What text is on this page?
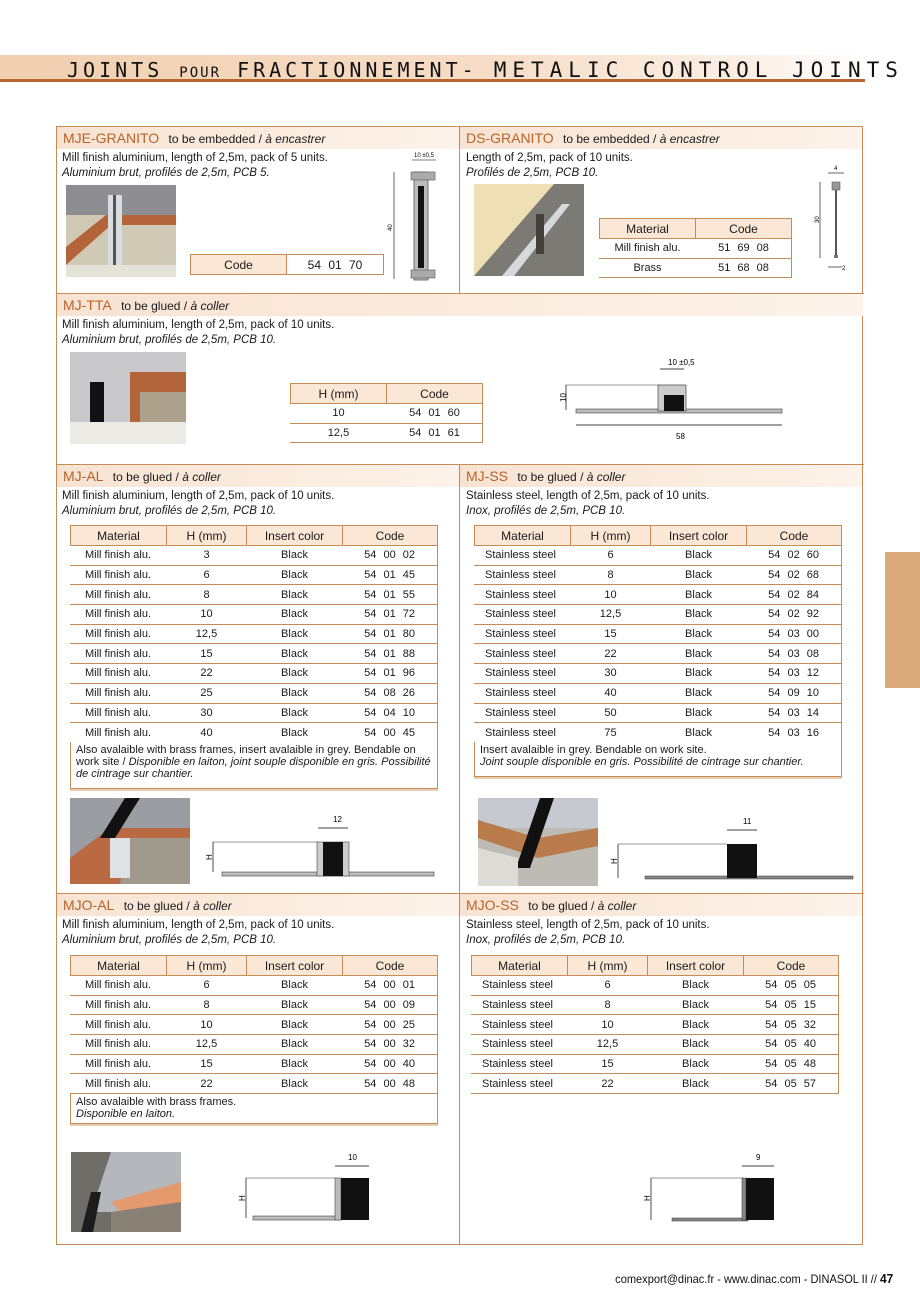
JOINTS POUR FRACTIONNEMENT- METALIC CONTROL JOINTS
MJE-GRANITO to be embedded / à encastrer
Mill finish aluminium, length of 2,5m, pack of 5 units.
Aluminium brut, profilés de 2,5m, PCB 5.
Code	54 01 70
10 ±0,5
40
DS-GRANITO to be embedded / à encastrer
Length of 2,5m, pack of 10 units.
Profilés de 2,5m, PCB 10.
Material	Code
Mill finish alu.	51 69 08
Brass	51 68 08
4
30
2
MJ-TTA to be glued / à coller
Mill finish aluminium, length of 2,5m, pack of 10 units.
Aluminium brut, profilés de 2,5m, PCB 10.
H (mm)	Code
10	54 01 60
12,5	54 01 61
10 ±0,5
10
58
MJ-AL to be glued / à coller
Mill finish aluminium, length of 2,5m, pack of 10 units.
Aluminium brut, profilés de 2,5m, PCB 10.
Material	H (mm)	Insert color	Code
Mill finish alu.	3	Black	54 00 02
Mill finish alu.	6	Black	54 01 45
Mill finish alu.	8	Black	54 01 55
Mill finish alu.	10	Black	54 01 72
Mill finish alu.	12,5	Black	54 01 80
Mill finish alu.	15	Black	54 01 88
Mill finish alu.	22	Black	54 01 96
Mill finish alu.	25	Black	54 08 26
Mill finish alu.	30	Black	54 04 10
Mill finish alu.	40	Black	54 00 45
Also avalaible with brass frames, insert avalaible in grey. Bendable on work site / Disponible en laiton, joint souple disponible en gris. Possibilité de cintrage sur chantier.
12
H
MJ-SS to be glued / à coller
Stainless steel, length of 2,5m, pack of 10 units.
Inox, profilés de 2,5m, PCB 10.
Material	H (mm)	Insert color	Code
Stainless steel	6	Black	54 02 60
Stainless steel	8	Black	54 02 68
Stainless steel	10	Black	54 02 84
Stainless steel	12,5	Black	54 02 92
Stainless steel	15	Black	54 03 00
Stainless steel	22	Black	54 03 08
Stainless steel	30	Black	54 03 12
Stainless steel	40	Black	54 09 10
Stainless steel	50	Black	54 03 14
Stainless steel	75	Black	54 03 16
Insert avalaible in grey. Bendable on work site.
Joint souple disponible en gris. Possibilité de cintrage sur chantier.
11
H
MJO-AL to be glued / à coller
Mill finish aluminium, length of 2,5m, pack of 10 units.
Aluminium brut, profilés de 2,5m, PCB 10.
Material	H (mm)	Insert color	Code
Mill finish alu.	6	Black	54 00 01
Mill finish alu.	8	Black	54 00 09
Mill finish alu.	10	Black	54 00 25
Mill finish alu.	12,5	Black	54 00 32
Mill finish alu.	15	Black	54 00 40
Mill finish alu.	22	Black	54 00 48
Also avalaible with brass frames.
Disponible en laiton.
10
H
MJO-SS to be glued / à coller
Stainless steel, length of 2,5m, pack of 10 units.
Inox, profilés de 2,5m, PCB 10.
Material	H (mm)	Insert color	Code
Stainless steel	6	Black	54 05 05
Stainless steel	8	Black	54 05 15
Stainless steel	10	Black	54 05 32
Stainless steel	12,5	Black	54 05 40
Stainless steel	15	Black	54 05 48
Stainless steel	22	Black	54 05 57
9
H
comexport@dinac.fr - www.dinac.com - DINASOL II // 47
